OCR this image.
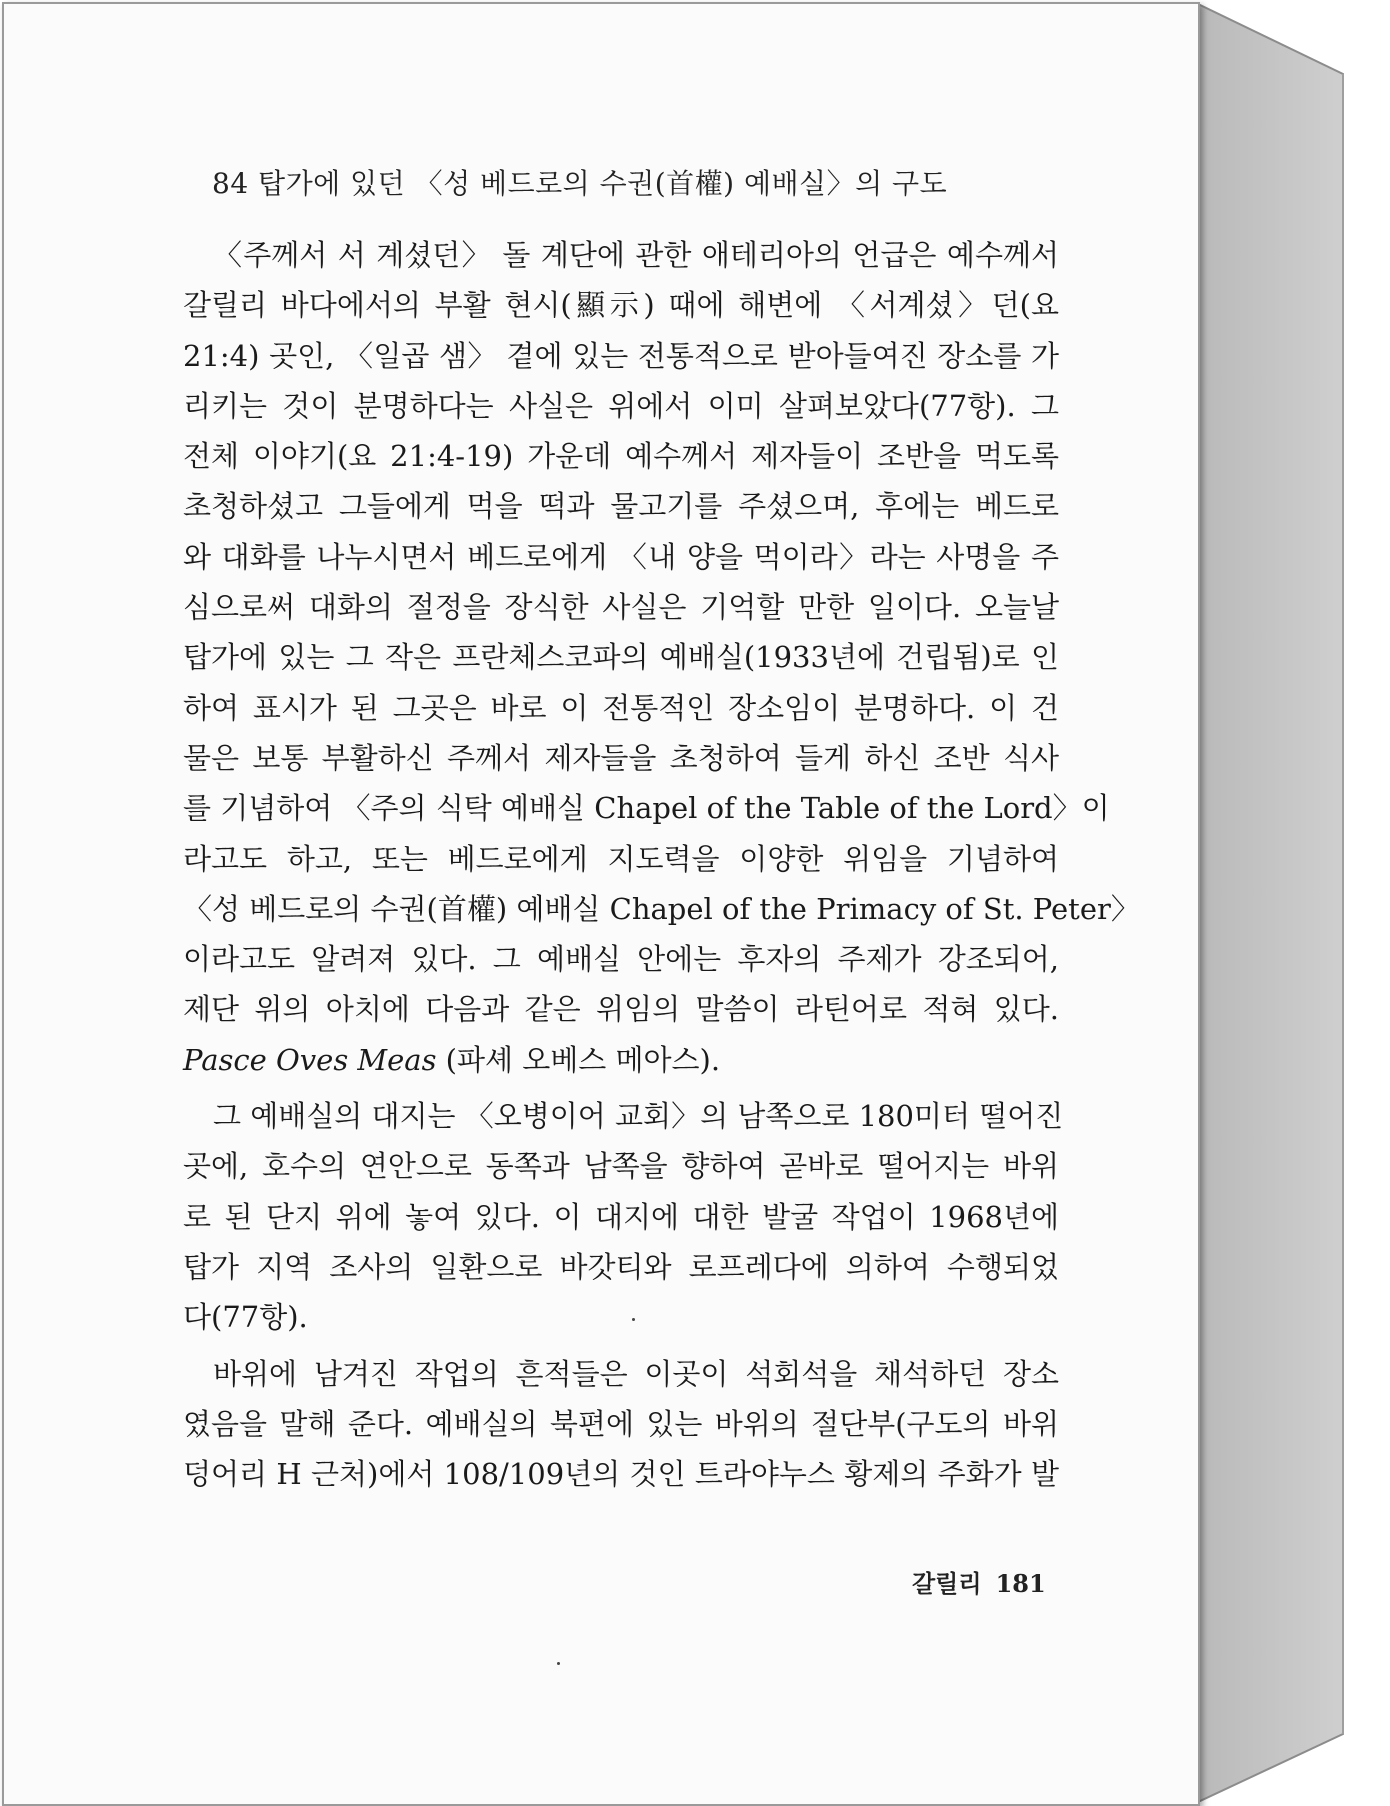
84 탑가에 있던 〈성 베드로의 수권(首權) 예배실〉의 구도
〈주께서 서 계셨던〉 돌 계단에 관한 애테리아의 언급은 예수께서
갈릴리 바다에서의 부활 현시(顯示) 때에 해변에 〈서계셨〉던(요
21:4) 곳인, 〈일곱 샘〉 곁에 있는 전통적으로 받아들여진 장소를 가
리키는 것이 분명하다는 사실은 위에서 이미 살펴보았다(77항). 그
전체 이야기(요 21:4-19) 가운데 예수께서 제자들이 조반을 먹도록
초청하셨고 그들에게 먹을 떡과 물고기를 주셨으며, 후에는 베드로
와 대화를 나누시면서 베드로에게 〈내 양을 먹이라〉라는 사명을 주
심으로써 대화의 절정을 장식한 사실은 기억할 만한 일이다. 오늘날
탑가에 있는 그 작은 프란체스코파의 예배실(1933년에 건립됨)로 인
하여 표시가 된 그곳은 바로 이 전통적인 장소임이 분명하다. 이 건
물은 보통 부활하신 주께서 제자들을 초청하여 들게 하신 조반 식사
를 기념하여 〈주의 식탁 예배실 Chapel of the Table of the Lord〉이
라고도 하고, 또는 베드로에게 지도력을 이양한 위임을 기념하여
〈성 베드로의 수권(首權) 예배실 Chapel of the Primacy of St. Peter〉
이라고도 알려져 있다. 그 예배실 안에는 후자의 주제가 강조되어,
제단 위의 아치에 다음과 같은 위임의 말씀이 라틴어로 적혀 있다.
Pasce Oves Meas (파셰 오베스 메아스).
그 예배실의 대지는 〈오병이어 교회〉의 남쪽으로 180미터 떨어진
곳에, 호수의 연안으로 동쪽과 남쪽을 향하여 곧바로 떨어지는 바위
로 된 단지 위에 놓여 있다. 이 대지에 대한 발굴 작업이 1968년에
탑가 지역 조사의 일환으로 바갓티와 로프레다에 의하여 수행되었
다(77항).
바위에 남겨진 작업의 흔적들은 이곳이 석회석을 채석하던 장소
였음을 말해 준다. 예배실의 북편에 있는 바위의 절단부(구도의 바위
덩어리 H 근처)에서 108/109년의 것인 트라야누스 황제의 주화가 발
갈릴리 181
